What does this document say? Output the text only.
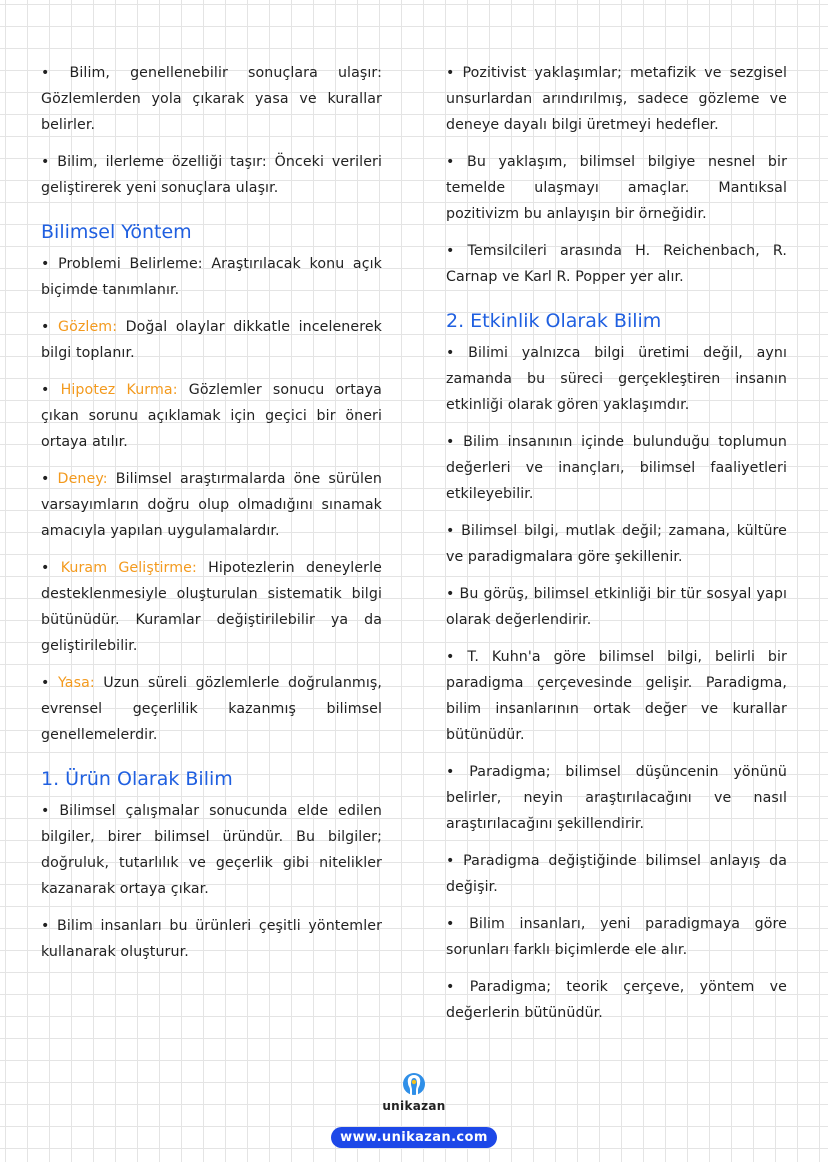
• Bilim, genellenebilir sonuçlara ulaşır: Gözlemlerden yola çıkarak yasa ve kurallar belirler.

• Bilim, ilerleme özelliği taşır: Önceki verileri geliştirerek yeni sonuçlara ulaşır.

Bilimsel Yöntem

• Problemi Belirleme: Araştırılacak konu açık biçimde tanımlanır.

• Gözlem: Doğal olaylar dikkatle incelenerek bilgi toplanır.

• Hipotez Kurma: Gözlemler sonucu ortaya çıkan sorunu açıklamak için geçici bir öneri ortaya atılır.

• Deney: Bilimsel araştırmalarda öne sürülen varsayımların doğru olup olmadığını sınamak amacıyla yapılan uygulamalardır.

• Kuram Geliştirme: Hipotezlerin deneylerle desteklenmesiyle oluşturulan sistematik bilgi bütünüdür. Kuramlar değiştirilebilir ya da geliştirilebilir.

• Yasa: Uzun süreli gözlemlerle doğrulanmış, evrensel geçerlilik kazanmış bilimsel genellemelerdir.

1. Ürün Olarak Bilim

• Bilimsel çalışmalar sonucunda elde edilen bilgiler, birer bilimsel üründür. Bu bilgiler; doğruluk, tutarlılık ve geçerlik gibi nitelikler kazanarak ortaya çıkar.

• Bilim insanları bu ürünleri çeşitli yöntemler kullanarak oluşturur.

• Pozitivist yaklaşımlar; metafizik ve sezgisel unsurlardan arındırılmış, sadece gözleme ve deneye dayalı bilgi üretmeyi hedefler.

• Bu yaklaşım, bilimsel bilgiye nesnel bir temelde ulaşmayı amaçlar. Mantıksal pozitivizm bu anlayışın bir örneğidir.

• Temsilcileri arasında H. Reichenbach, R. Carnap ve Karl R. Popper yer alır.

2. Etkinlik Olarak Bilim

• Bilimi yalnızca bilgi üretimi değil, aynı zamanda bu süreci gerçekleştiren insanın etkinliği olarak gören yaklaşımdır.

• Bilim insanının içinde bulunduğu toplumun değerleri ve inançları, bilimsel faaliyetleri etkileyebilir.

• Bilimsel bilgi, mutlak değil; zamana, kültüre ve paradigmalara göre şekillenir.

• Bu görüş, bilimsel etkinliği bir tür sosyal yapı olarak değerlendirir.

• T. Kuhn'a göre bilimsel bilgi, belirli bir paradigma çerçevesinde gelişir. Paradigma, bilim insanlarının ortak değer ve kurallar bütünüdür.

• Paradigma; bilimsel düşüncenin yönünü belirler, neyin araştırılacağını ve nasıl araştırılacağını şekillendirir.

• Paradigma değiştiğinde bilimsel anlayış da değişir.

• Bilim insanları, yeni paradigmaya göre sorunları farklı biçimlerde ele alır.

• Paradigma; teorik çerçeve, yöntem ve değerlerin bütünüdür.

unikazan
www.unikazan.com
